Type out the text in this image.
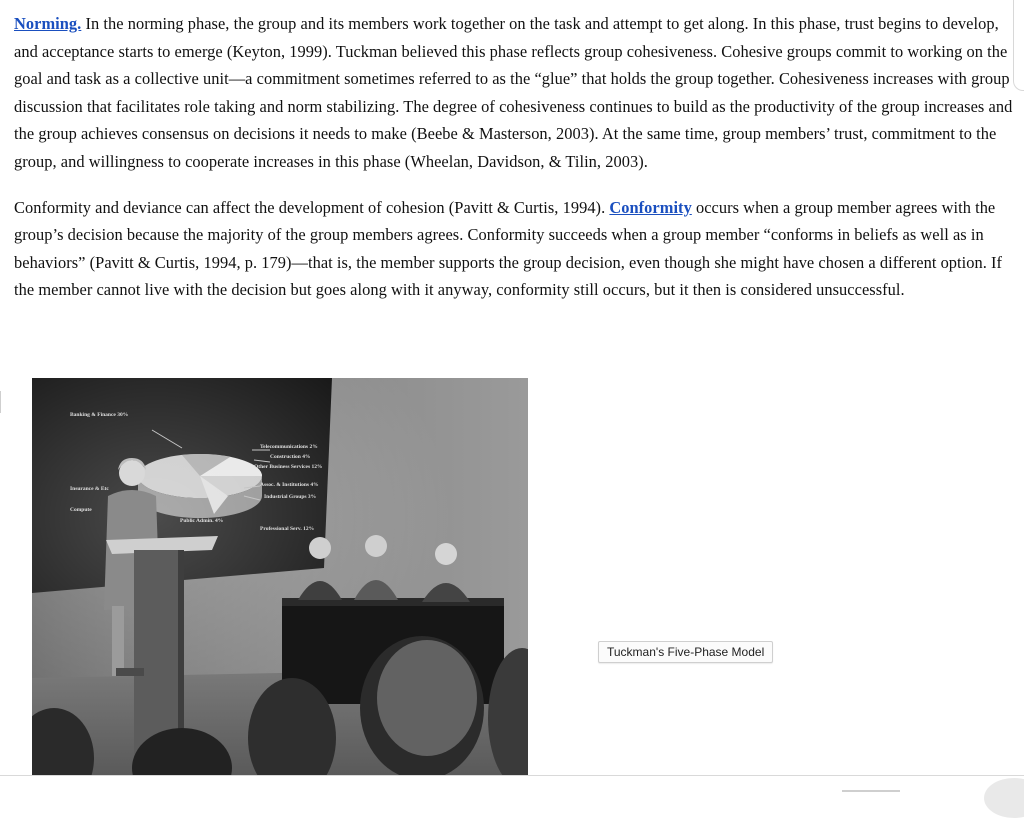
Norming. In the norming phase, the group and its members work together on the task and attempt to get along. In this phase, trust begins to develop, and acceptance starts to emerge (Keyton, 1999). Tuckman believed this phase reflects group cohesiveness. Cohesive groups commit to working on the goal and task as a collective unit—a commitment sometimes referred to as the “glue” that holds the group together. Cohesiveness increases with group discussion that facilitates role taking and norm stabilizing. The degree of cohesiveness continues to build as the productivity of the group increases and the group achieves consensus on decisions it needs to make (Beebe & Masterson, 2003). At the same time, group members’ trust, commitment to the group, and willingness to cooperate increases in this phase (Wheelan, Davidson, & Tilin, 2003).

Conformity and deviance can affect the development of cohesion (Pavitt & Curtis, 1994). Conformity occurs when a group member agrees with the group’s decision because the majority of the group members agrees. Conformity succeeds when a group member “conforms in beliefs as well as in behaviors” (Pavitt & Curtis, 1994, p. 179)—that is, the member supports the group decision, even though she might have chosen a different option. If the member cannot live with the decision but goes along with it anyway, conformity still occurs, but it then is considered unsuccessful.

Tuckman's Five-Phase Model
